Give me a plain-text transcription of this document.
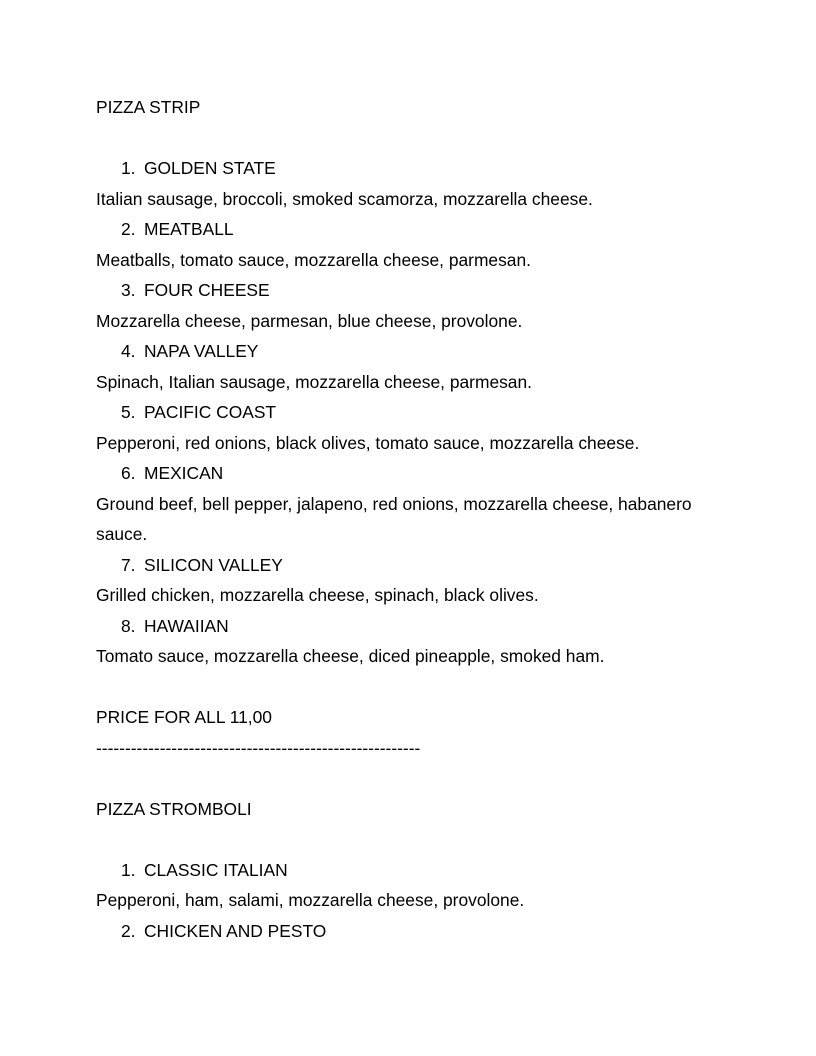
PIZZA STRIP
1. GOLDEN STATE
Italian sausage, broccoli, smoked scamorza, mozzarella cheese.
2. MEATBALL
Meatballs, tomato sauce, mozzarella cheese, parmesan.
3. FOUR CHEESE
Mozzarella cheese, parmesan, blue cheese, provolone.
4. NAPA VALLEY
Spinach, Italian sausage, mozzarella cheese, parmesan.
5. PACIFIC COAST
Pepperoni, red onions, black olives, tomato sauce, mozzarella cheese.
6. MEXICAN
Ground beef, bell pepper, jalapeno, red onions, mozzarella cheese, habanero sauce.
7. SILICON VALLEY
Grilled chicken, mozzarella cheese, spinach, black olives.
8. HAWAIIAN
Tomato sauce, mozzarella cheese, diced pineapple, smoked ham.
PRICE FOR ALL 11,00
--------------------------------------------------------
PIZZA STROMBOLI
1. CLASSIC ITALIAN
Pepperoni, ham, salami, mozzarella cheese, provolone.
2. CHICKEN AND PESTO
